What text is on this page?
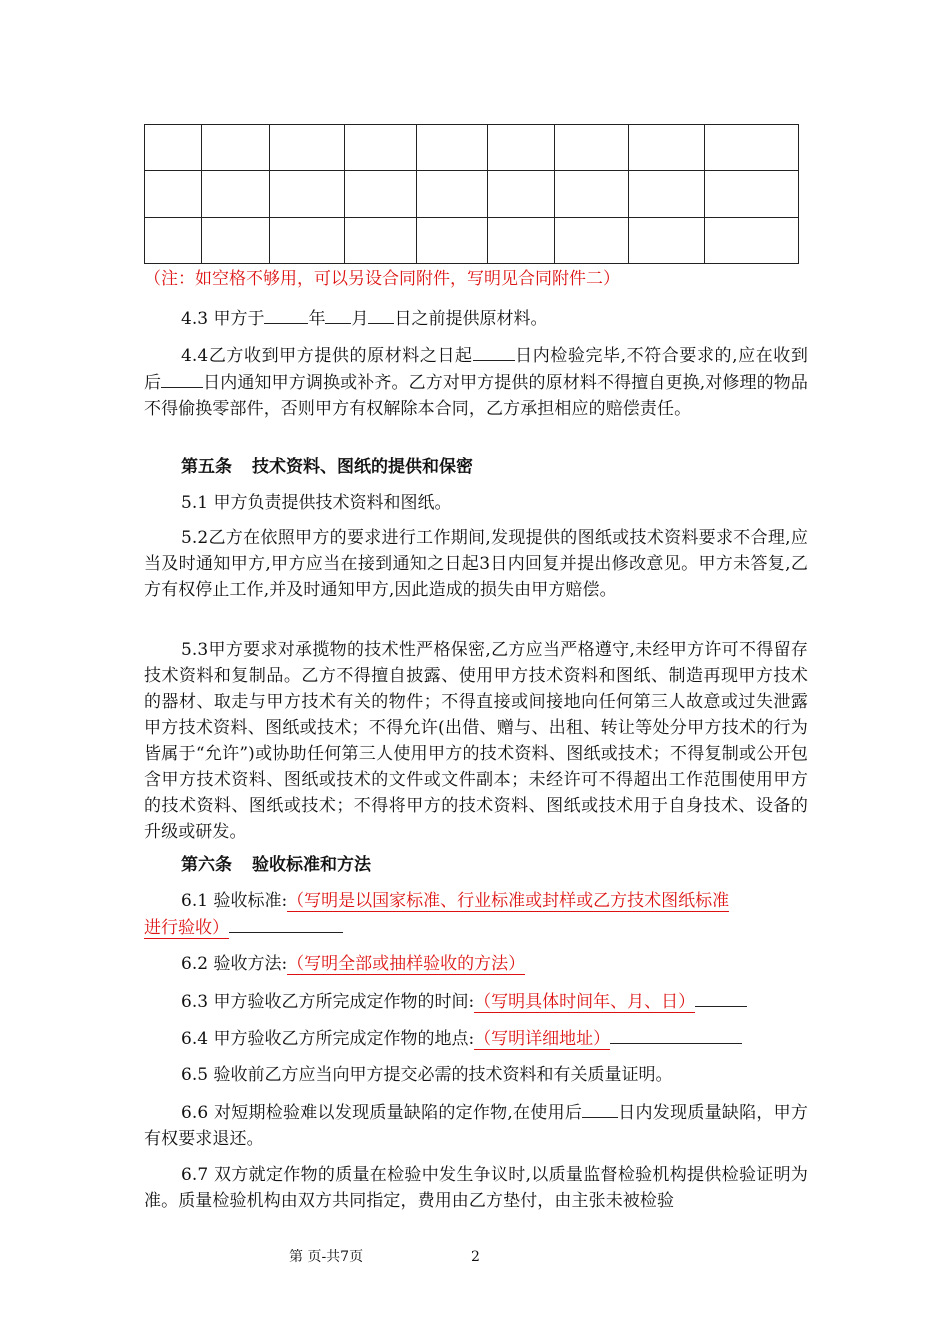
（注：如空格不够用，可以另设合同附件，写明见合同附件二）
4.3 甲方于	年 月 日之前提供原材料。

4.4乙方收到甲方提供的原材料之日起 日内检验完毕,不符合要求的,应在收到后 日内通知甲方调换或补齐。乙方对甲方提供的原材料不得擅自更换,对修理的物品不得偷换零部件，否则甲方有权解除本合同，乙方承担相应的赔偿责任。

第五条 技术资料、图纸的提供和保密
5.1 甲方负责提供技术资料和图纸。

5.2乙方在依照甲方的要求进行工作期间,发现提供的图纸或技术资料要求不合理,应当及时通知甲方,甲方应当在接到通知之日起3日内回复并提出修改意见。甲方未答复,乙方有权停止工作,并及时通知甲方,因此造成的损失由甲方赔偿。

5.3甲方要求对承揽物的技术性严格保密,乙方应当严格遵守,未经甲方许可不得留存技术资料和复制品。乙方不得擅自披露、使用甲方技术资料和图纸、制造再现甲方技术的器材、取走与甲方技术有关的物件；不得直接或间接地向任何第三人故意或过失泄露甲方技术资料、图纸或技术；不得允许(出借、赠与、出租、转让等处分甲方技术的行为皆属于“允许”)或协助任何第三人使用甲方的技术资料、图纸或技术；不得复制或公开包含甲方技术资料、图纸或技术的文件或文件副本；未经许可不得超出工作范围使用甲方的技术资料、图纸或技术；不得将甲方的技术资料、图纸或技术用于自身技术、设备的升级或研发。

第六条 验收标准和方法
6.1 验收标准:（写明是以国家标准、行业标准或封样或乙方技术图纸标准
进行验收）
6.2 验收方法:（写明全部或抽样验收的方法）
6.3 甲方验收乙方所完成定作物的时间:（写明具体时间年、月、日）
6.4 甲方验收乙方所完成定作物的地点:（写明详细地址）
6.5 验收前乙方应当向甲方提交必需的技术资料和有关质量证明。

6.6 对短期检验难以发现质量缺陷的定作物,在使用后 日内发现质量缺陷，甲方有权要求退还。

6.7 双方就定作物的质量在检验中发生争议时,以质量监督检验机构提供检验证明为准。质量检验机构由双方共同指定，费用由乙方垫付，由主张未被检验

第 页-共7页	2
